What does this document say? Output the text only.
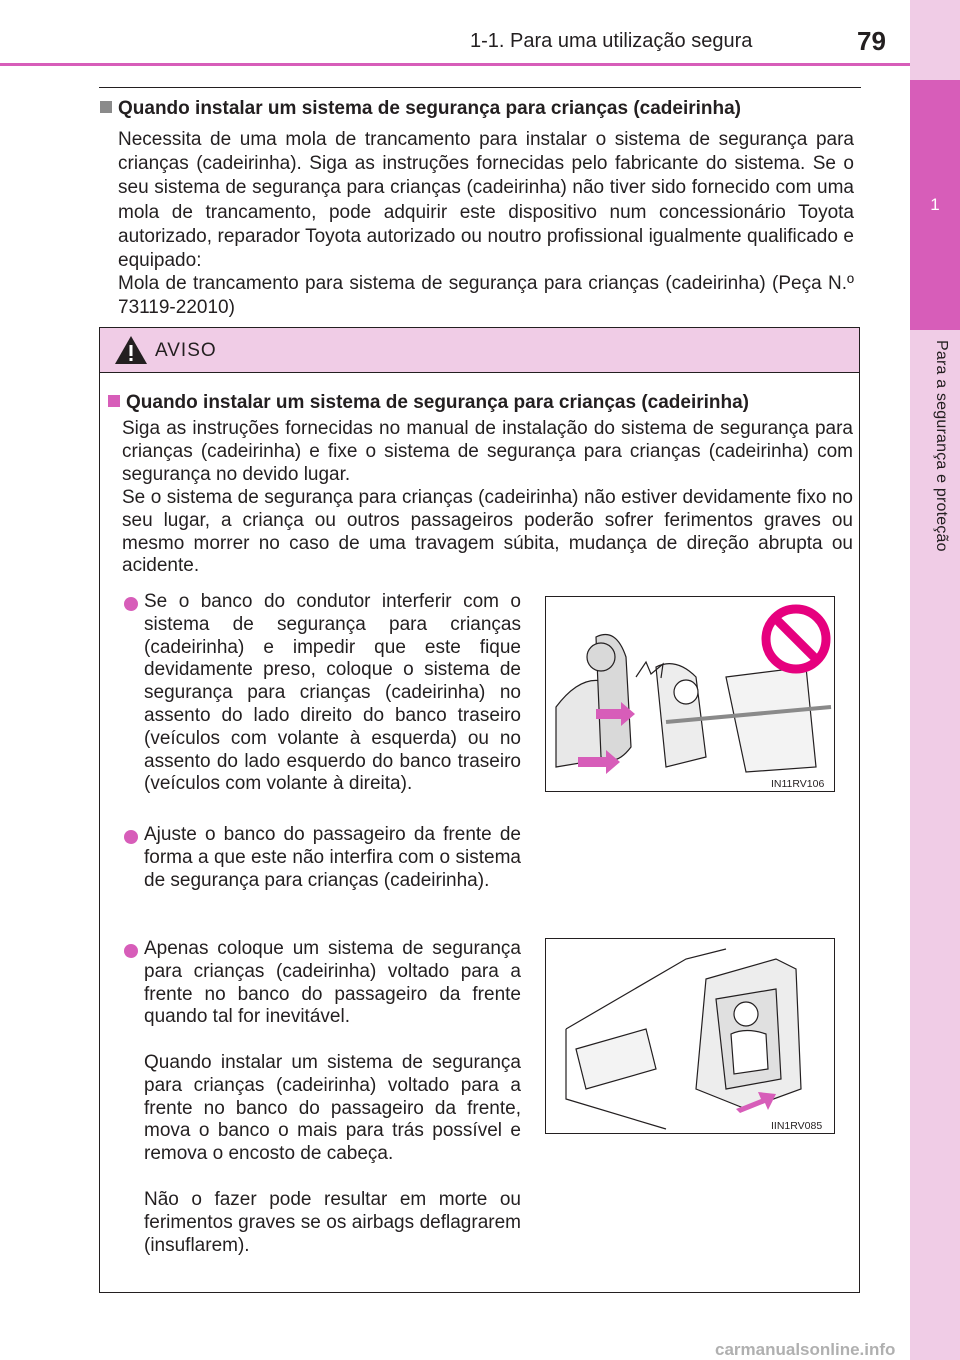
1
Para a segurança e proteção
1-1. Para uma utilização segura	79
Quando instalar um sistema de segurança para crianças (cadeirinha)

Necessita de uma mola de trancamento para instalar o sistema de segurança para crianças (cadeirinha). Siga as instruções fornecidas pelo fabricante do sistema. Se o seu sistema de segurança para crianças (cadeirinha) não tiver sido fornecido com uma mola de trancamento, pode adquirir este dispositivo num concessionário Toyota autorizado, reparador Toyota autorizado ou noutro profissional igualmente qualificado e equipado:

Mola de trancamento para sistema de segurança para crianças (cadeirinha) (Peça N.º 73119-22010)

AVISO
Quando instalar um sistema de segurança para crianças (cadeirinha)

Siga as instruções fornecidas no manual de instalação do sistema de segurança para crianças (cadeirinha) e fixe o sistema de segurança para crianças (cadeirinha) com segurança no devido lugar.

Se o sistema de segurança para crianças (cadeirinha) não estiver devidamente fixo no seu lugar, a criança ou outros passageiros poderão sofrer ferimentos graves ou mesmo morrer no caso de uma travagem súbita, mudança de direção abrupta ou acidente.

Se o banco do condutor interferir com o sistema de segurança para crianças (cadeirinha) e impedir que este fique devidamente preso, coloque o sistema de segurança para crianças (cadeirinha) no assento do lado direito do banco traseiro (veículos com volante à esquerda) ou no assento do lado esquerdo do banco traseiro (veículos com volante à direita).

Ajuste o banco do passageiro da frente de forma a que este não interfira com o sistema de segurança para crianças (cadeirinha).

Apenas coloque um sistema de segurança para crianças (cadeirinha) voltado para a frente no banco do passageiro da frente quando tal for inevitável.

Quando instalar um sistema de segurança para crianças (cadeirinha) voltado para a frente no banco do passageiro da frente, mova o banco o mais para trás possível e remova o encosto de cabeça.

Não o fazer pode resultar em morte ou ferimentos graves se os airbags deflagrarem (insuflarem).

IN11RV106
IIN1RV085
carmanualsonline.info
